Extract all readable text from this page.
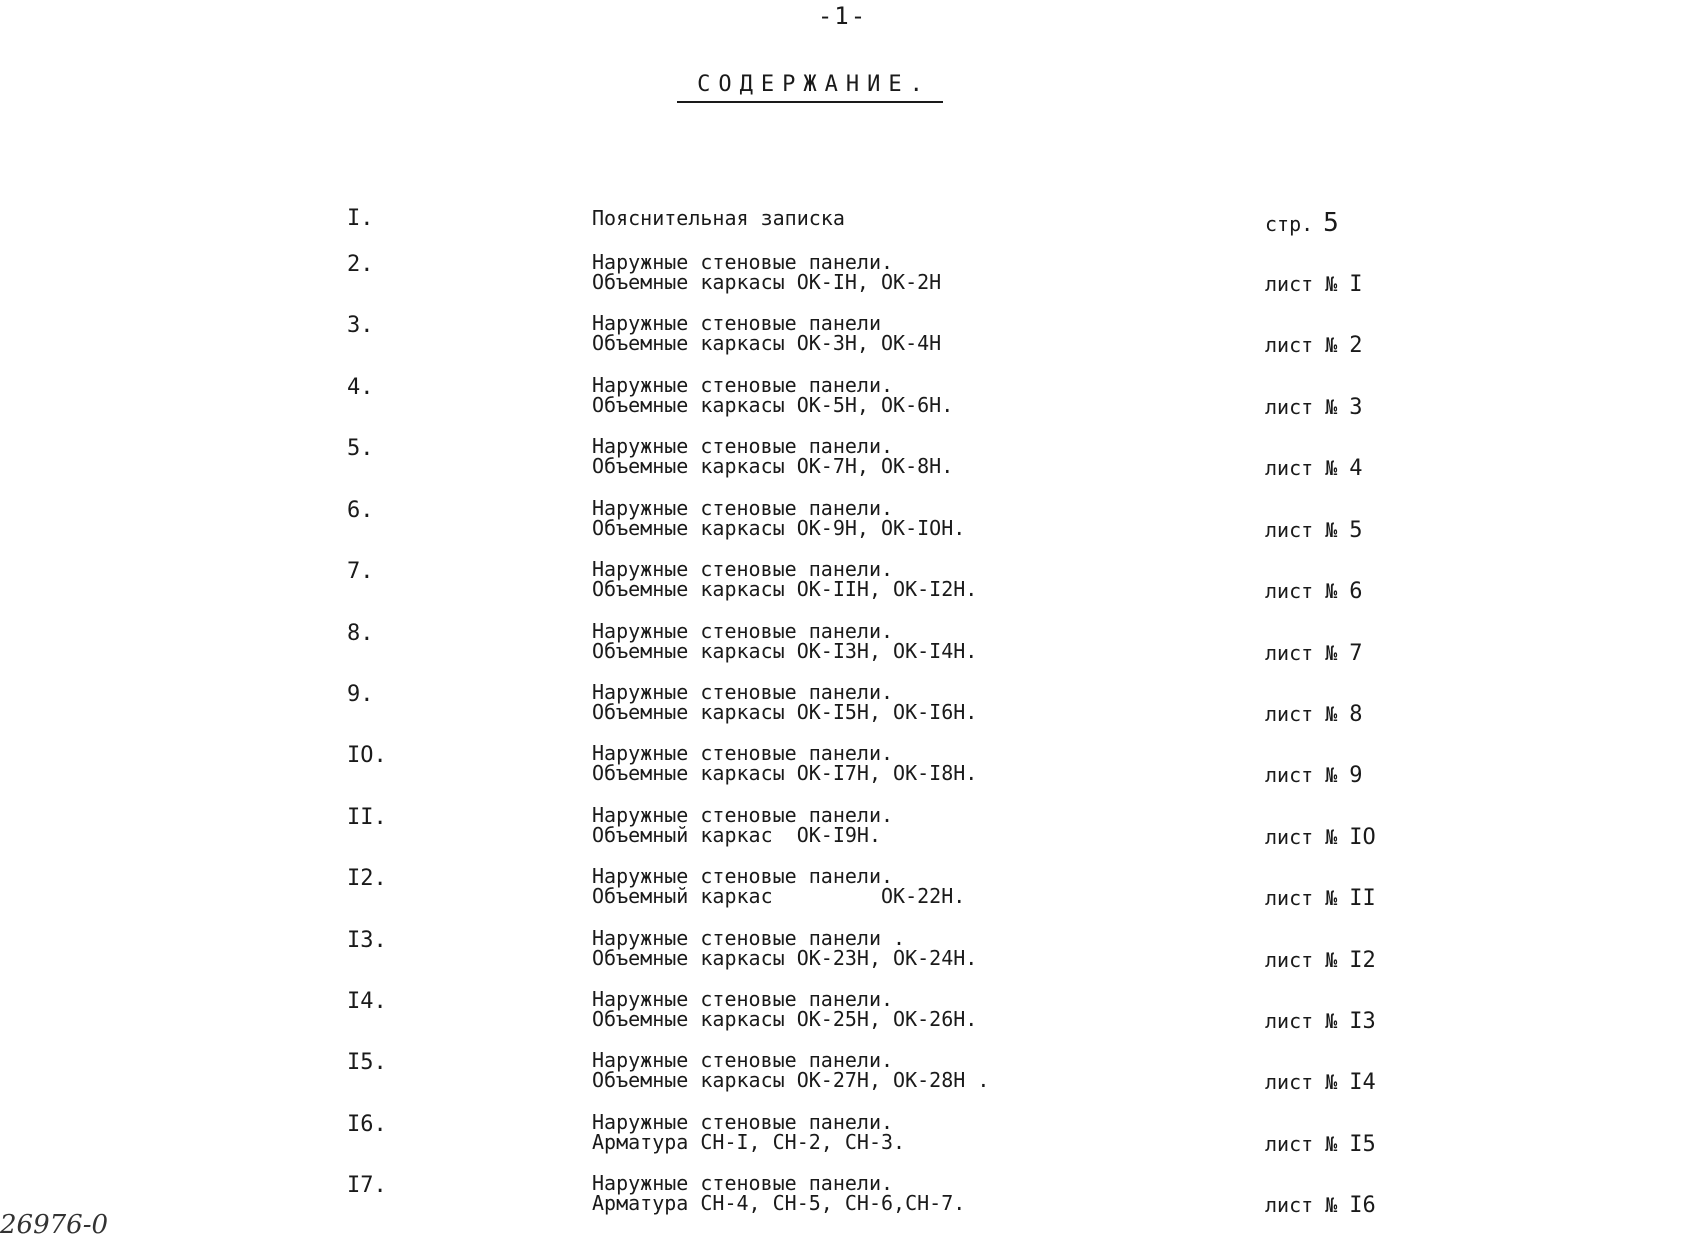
-1-
СОДЕРЖАНИЕ.
I.	Пояснительная записка	стр. 5
2.	Наружные стеновые панели.
Объемные каркасы ОК-IН, ОК-2Н	лист № I
3.	Наружные стеновые панели
Объемные каркасы ОК-3Н, ОК-4Н	лист № 2
4.	Наружные стеновые панели.
Объемные каркасы ОК-5Н, ОК-6Н.	лист № 3
5.	Наружные стеновые панели.
Объемные каркасы ОК-7Н, ОК-8Н.	лист № 4
6.	Наружные стеновые панели.
Объемные каркасы ОК-9Н, ОК-IОН.	лист № 5
7.	Наружные стеновые панели.
Объемные каркасы ОК-IIН, ОК-I2Н.	лист № 6
8.	Наружные стеновые панели.
Объемные каркасы ОК-I3Н, ОК-I4Н.	лист № 7
9.	Наружные стеновые панели.
Объемные каркасы ОК-I5Н, ОК-I6Н.	лист № 8
IO.	Наружные стеновые панели.
Объемные каркасы ОК-I7Н, ОК-I8Н.	лист № 9
II.	Наружные стеновые панели.
Объемный каркас  ОК-I9Н.	лист № IO
I2.	Наружные стеновые панели.
Объемный каркас         ОК-22Н.	лист № II
I3.	Наружные стеновые панели .
Объемные каркасы ОК-23Н, ОК-24Н.	лист № I2
I4.	Наружные стеновые панели.
Объемные каркасы ОК-25Н, ОК-26Н.	лист № I3
I5.	Наружные стеновые панели.
Объемные каркасы ОК-27Н, ОК-28Н .	лист № I4
I6.	Наружные стеновые панели.
Арматура СН-I, СН-2, СН-3.	лист № I5
I7.	Наружные стеновые панели.
Арматура СН-4, СН-5, СН-6,СН-7.	лист № I6
26976-0
